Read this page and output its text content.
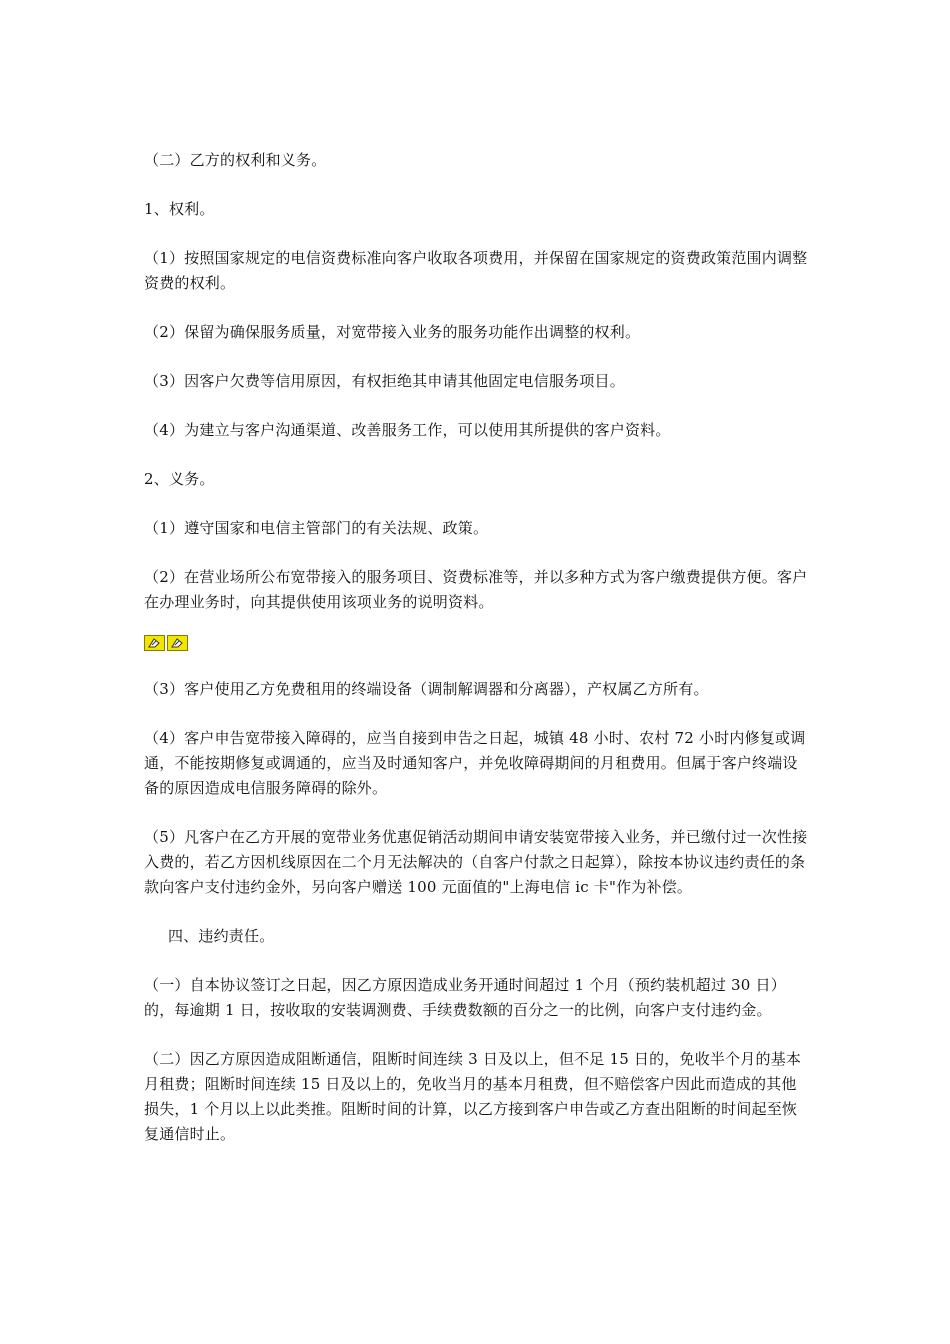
（二）乙方的权利和义务。

1、权利。

（1）按照国家规定的电信资费标准向客户收取各项费用，并保留在国家规定的资费政策范围内调整资费的权利。

（2）保留为确保服务质量，对宽带接入业务的服务功能作出调整的权利。

（3）因客户欠费等信用原因，有权拒绝其申请其他固定电信服务项目。

（4）为建立与客户沟通渠道、改善服务工作，可以使用其所提供的客户资料。

2、义务。

（1）遵守国家和电信主管部门的有关法规、政策。

（2）在营业场所公布宽带接入的服务项目、资费标准等，并以多种方式为客户缴费提供方便。客户在办理业务时，向其提供使用该项业务的说明资料。

（3）客户使用乙方免费租用的终端设备（调制解调器和分离器），产权属乙方所有。

（4）客户申告宽带接入障碍的，应当自接到申告之日起，城镇 48 小时、农村 72 小时内修复或调通，不能按期修复或调通的，应当及时通知客户，并免收障碍期间的月租费用。但属于客户终端设备的原因造成电信服务障碍的除外。

（5）凡客户在乙方开展的宽带业务优惠促销活动期间申请安装宽带接入业务，并已缴付过一次性接入费的，若乙方因机线原因在二个月无法解决的（自客户付款之日起算），除按本协议违约责任的条款向客户支付违约金外，另向客户赠送 100 元面值的"上海电信 ic 卡"作为补偿。

四、违约责任。

（一）自本协议签订之日起，因乙方原因造成业务开通时间超过 1 个月（预约装机超过 30 日）的，每逾期 1 日，按收取的安装调测费、手续费数额的百分之一的比例，向客户支付违约金。

（二）因乙方原因造成阻断通信，阻断时间连续 3 日及以上，但不足 15 日的，免收半个月的基本月租费；阻断时间连续 15 日及以上的，免收当月的基本月租费，但不赔偿客户因此而造成的其他损失，1 个月以上以此类推。阻断时间的计算，以乙方接到客户申告或乙方查出阻断的时间起至恢复通信时止。
